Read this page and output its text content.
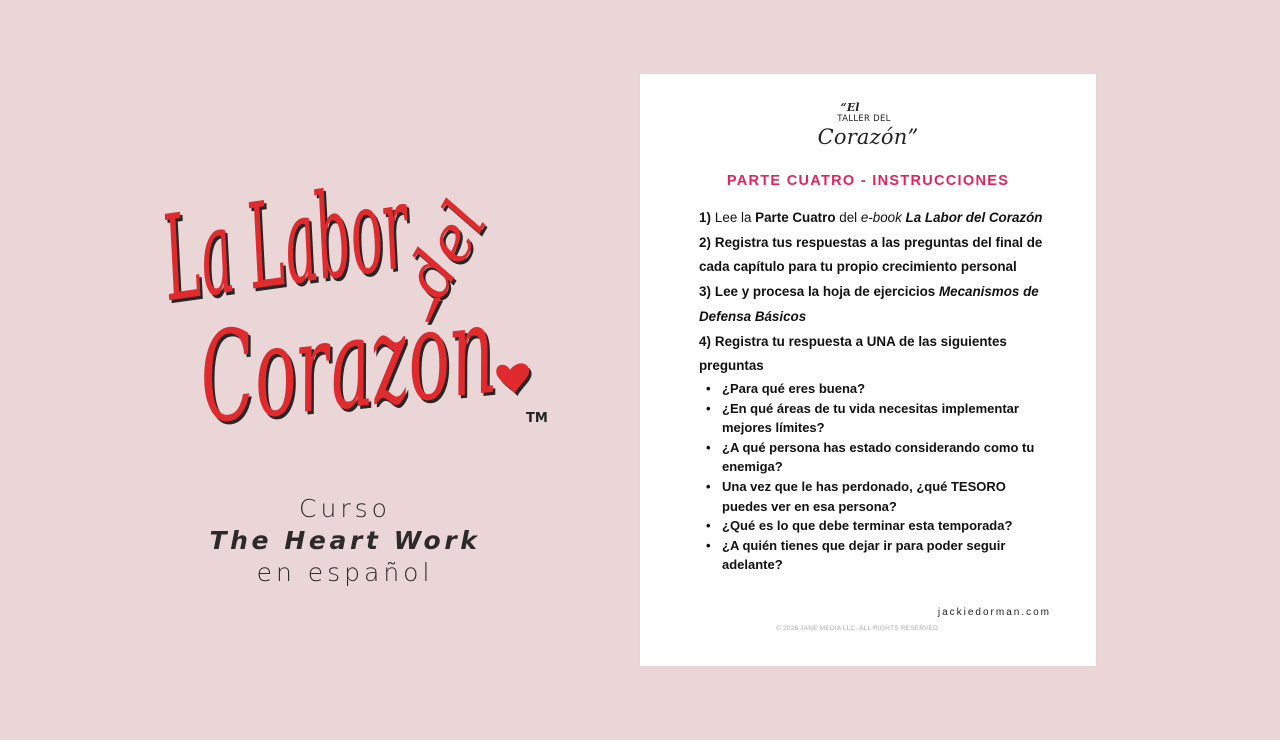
La Labor
del
Corazón
TM
Curso
The Heart Work
en español
“El
TALLER DEL
Corazón”
PARTE CUATRO - INSTRUCCIONES
1) Lee la Parte Cuatro del e-book La Labor del Corazón
2) Registra tus respuestas a las preguntas del final de cada capítulo para tu propio crecimiento personal
3) Lee y procesa la hoja de ejercicios Mecanismos de Defensa Básicos
4) Registra tu respuesta a UNA de las siguientes preguntas
• ¿Para qué eres buena?
• ¿En qué áreas de tu vida necesitas implementar mejores límites?
• ¿A qué persona has estado considerando como tu enemiga?
• Una vez que le has perdonado, ¿qué TESORO puedes ver en esa persona?
• ¿Qué es lo que debe terminar esta temporada?
• ¿A quién tienes que dejar ir para poder seguir adelante?
jackiedorman.com
© 2026 JANE MEDIA LLC. ALL RIGHTS RESERVED
